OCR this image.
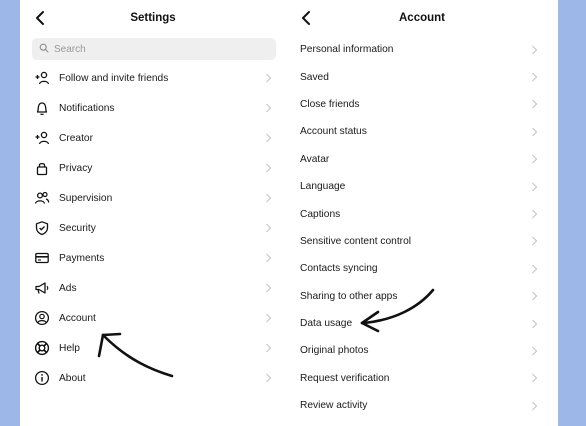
Settings
Search
Follow and invite friends
Notifications
Creator
Privacy
Supervision
Security
Payments
Ads
Account
Help
About
Account
Personal information
Saved
Close friends
Account status
Avatar
Language
Captions
Sensitive content control
Contacts syncing
Sharing to other apps
Data usage
Original photos
Request verification
Review activity
